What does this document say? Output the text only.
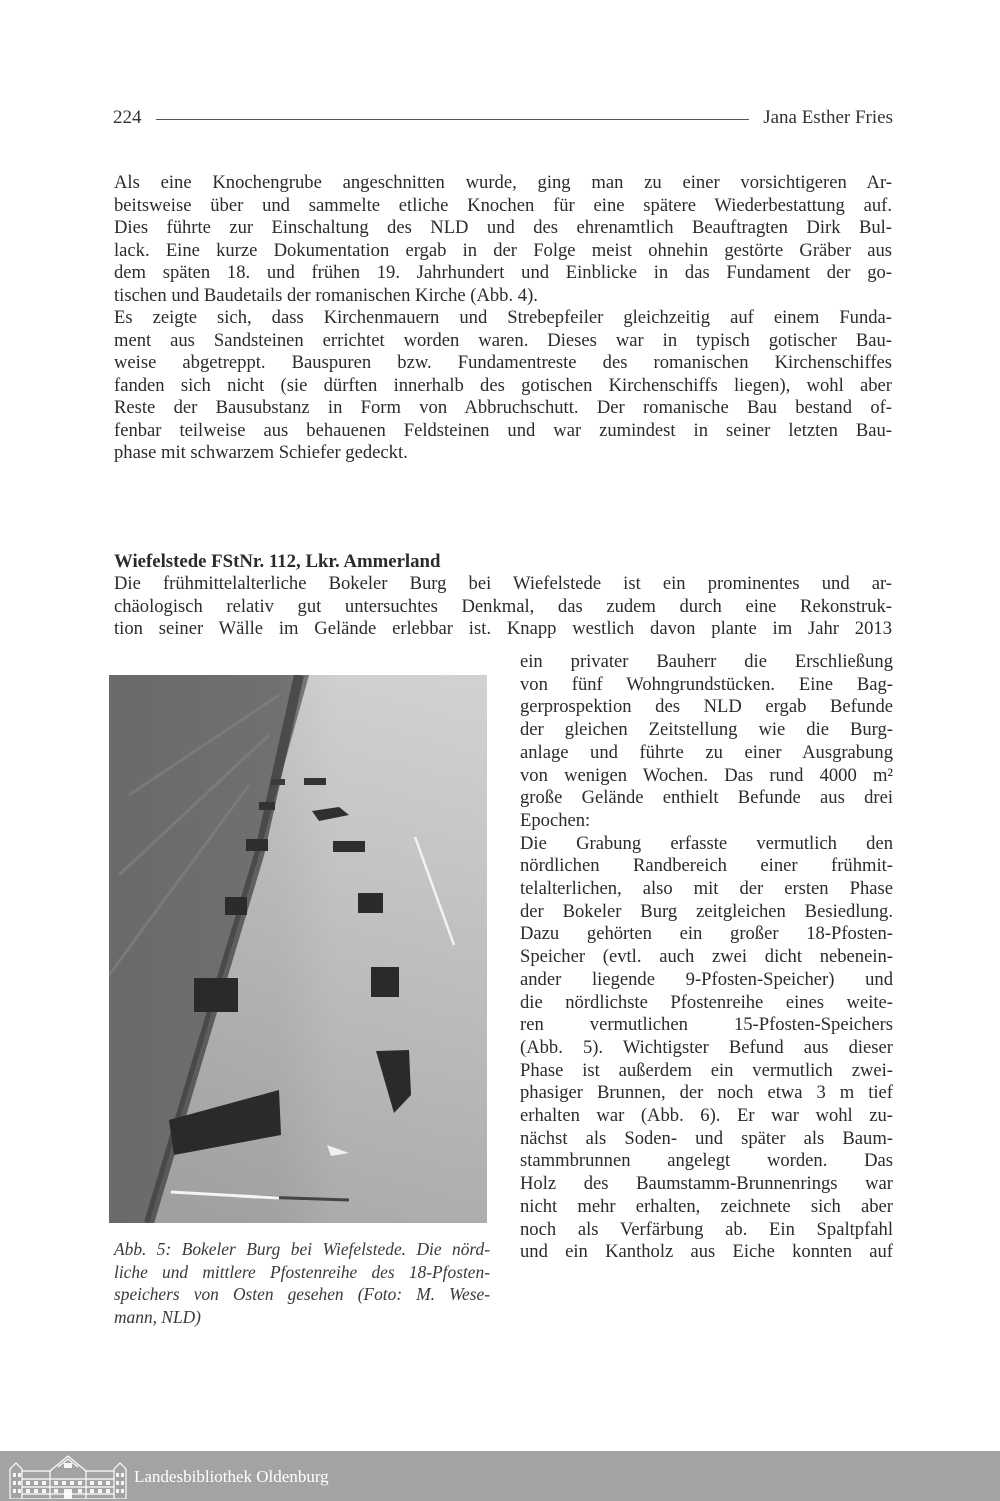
224	Jana Esther Fries
Als eine Knochengrube angeschnitten wurde, ging man zu einer vorsichtigeren Ar-
beitsweise über und sammelte etliche Knochen für eine spätere Wiederbestattung auf.
Dies führte zur Einschaltung des NLD und des ehrenamtlich Beauftragten Dirk Bul-
lack. Eine kurze Dokumentation ergab in der Folge meist ohnehin gestörte Gräber aus
dem späten 18. und frühen 19. Jahrhundert und Einblicke in das Fundament der go-
tischen und Baudetails der romanischen Kirche (Abb. 4).
Es zeigte sich, dass Kirchenmauern und Strebepfeiler gleichzeitig auf einem Funda-
ment aus Sandsteinen errichtet worden waren. Dieses war in typisch gotischer Bau-
weise abgetreppt. Bauspuren bzw. Fundamentreste des romanischen Kirchenschiffes
fanden sich nicht (sie dürften innerhalb des gotischen Kirchenschiffs liegen), wohl aber
Reste der Bausubstanz in Form von Abbruchschutt. Der romanische Bau bestand of-
fenbar teilweise aus behauenen Feldsteinen und war zumindest in seiner letzten Bau-
phase mit schwarzem Schiefer gedeckt.
Wiefelstede FStNr. 112, Lkr. Ammerland
Die frühmittelalterliche Bokeler Burg bei Wiefelstede ist ein prominentes und ar-
chäologisch relativ gut untersuchtes Denkmal, das zudem durch eine Rekonstruk-
tion seiner Wälle im Gelände erlebbar ist. Knapp westlich davon plante im Jahr 2013
ein privater Bauherr die Erschließung
von fünf Wohngrundstücken. Eine Bag-
gerprospektion des NLD ergab Befunde
der gleichen Zeitstellung wie die Burg-
anlage und führte zu einer Ausgrabung
von wenigen Wochen. Das rund 4000 m²
große Gelände enthielt Befunde aus drei
Epochen:
Die Grabung erfasste vermutlich den
nördlichen Randbereich einer frühmit-
telalterlichen, also mit der ersten Phase
der Bokeler Burg zeitgleichen Besiedlung.
Dazu gehörten ein großer 18-Pfosten-
Speicher (evtl. auch zwei dicht nebenein-
ander liegende 9-Pfosten-Speicher) und
die nördlichste Pfostenreihe eines weite-
ren vermutlichen 15-Pfosten-Speichers
(Abb. 5). Wichtigster Befund aus dieser
Phase ist außerdem ein vermutlich zwei-
phasiger Brunnen, der noch etwa 3 m tief
erhalten war (Abb. 6). Er war wohl zu-
nächst als Soden- und später als Baum-
stammbrunnen angelegt worden. Das
Holz des Baumstamm-Brunnenrings war
nicht mehr erhalten, zeichnete sich aber
noch als Verfärbung ab. Ein Spaltpfahl
und ein Kantholz aus Eiche konnten auf
Abb. 5: Bokeler Burg bei Wiefelstede. Die nörd-
liche und mittlere Pfostenreihe des 18-Pfosten-
speichers von Osten gesehen (Foto: M. Wese-
mann, NLD)
Landesbibliothek Oldenburg
